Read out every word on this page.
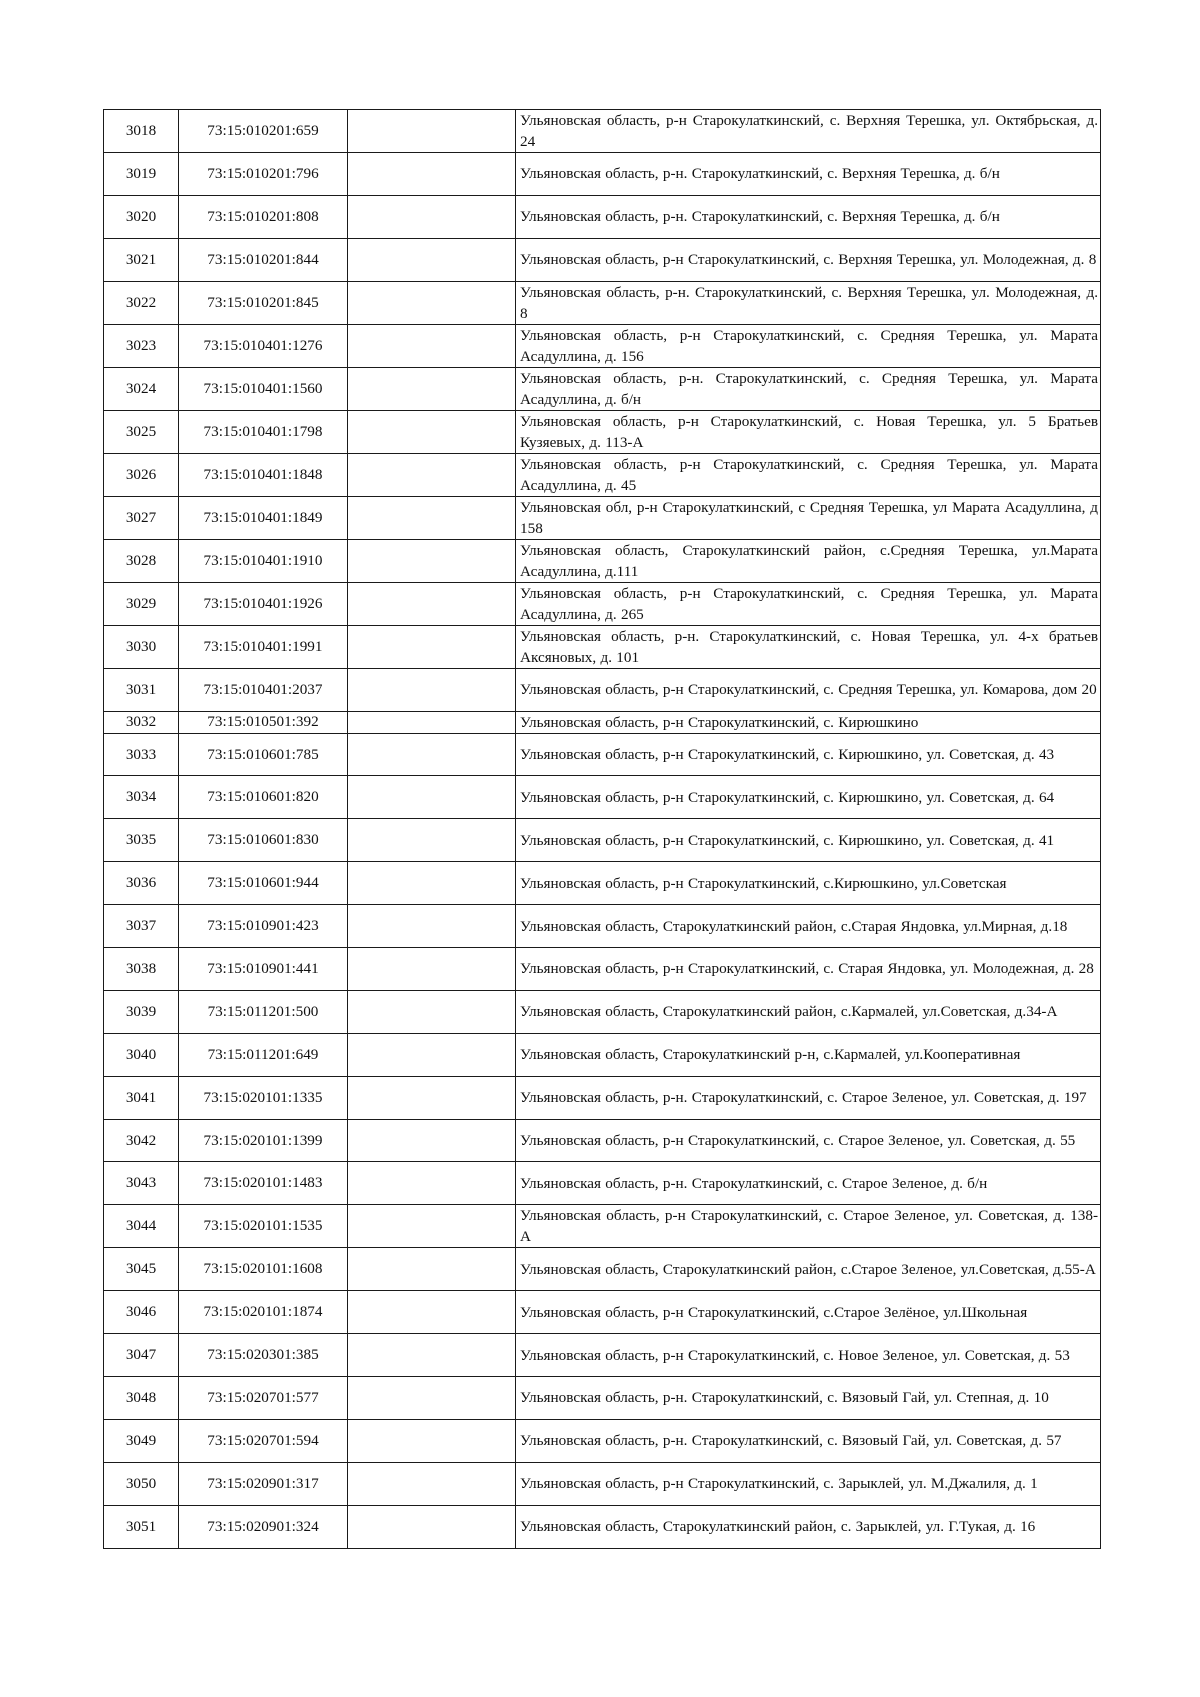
3018	73:15:010201:659		Ульяновская область, р-н Старокулаткинский, с. Верхняя Терешка, ул. Октябрьская, д. 24
3019	73:15:010201:796		Ульяновская область, р-н. Старокулаткинский, с. Верхняя Терешка, д. б/н
3020	73:15:010201:808		Ульяновская область, р-н. Старокулаткинский, с. Верхняя Терешка, д. б/н
3021	73:15:010201:844		Ульяновская область, р-н Старокулаткинский, с. Верхняя Терешка, ул. Молодежная, д. 8
3022	73:15:010201:845		Ульяновская область, р-н. Старокулаткинский, с. Верхняя Терешка, ул. Молодежная, д. 8
3023	73:15:010401:1276		Ульяновская область, р-н Старокулаткинский, с. Средняя Терешка, ул. Марата Асадуллина, д. 156
3024	73:15:010401:1560		Ульяновская область, р-н. Старокулаткинский, с. Средняя Терешка, ул. Марата Асадуллина, д. б/н
3025	73:15:010401:1798		Ульяновская область, р-н Старокулаткинский, с. Новая Терешка, ул. 5 Братьев Кузяевых, д. 113-А
3026	73:15:010401:1848		Ульяновская область, р-н Старокулаткинский, с. Средняя Терешка, ул. Марата Асадуллина, д. 45
3027	73:15:010401:1849		Ульяновская обл, р-н Старокулаткинский, с Средняя Терешка, ул Марата Асадуллина, д 158
3028	73:15:010401:1910		Ульяновская область, Старокулаткинский район, с.Средняя Терешка, ул.Марата Асадуллина, д.111
3029	73:15:010401:1926		Ульяновская область, р-н Старокулаткинский, с. Средняя Терешка, ул. Марата Асадуллина, д. 265
3030	73:15:010401:1991		Ульяновская область, р-н. Старокулаткинский, с. Новая Терешка, ул. 4-х братьев Аксяновых, д. 101
3031	73:15:010401:2037		Ульяновская область, р-н Старокулаткинский, с. Средняя Терешка, ул. Комарова, дом 20
3032	73:15:010501:392		Ульяновская область, р-н Старокулаткинский, с. Кирюшкино
3033	73:15:010601:785		Ульяновская область, р-н Старокулаткинский, с. Кирюшкино, ул. Советская, д. 43
3034	73:15:010601:820		Ульяновская область, р-н Старокулаткинский, с. Кирюшкино, ул. Советская, д. 64
3035	73:15:010601:830		Ульяновская область, р-н Старокулаткинский, с. Кирюшкино, ул. Советская, д. 41
3036	73:15:010601:944		Ульяновская область, р-н Старокулаткинский, с.Кирюшкино, ул.Советская
3037	73:15:010901:423		Ульяновская область, Старокулаткинский район, с.Старая Яндовка, ул.Мирная, д.18
3038	73:15:010901:441		Ульяновская область, р-н Старокулаткинский, с. Старая Яндовка, ул. Молодежная, д. 28
3039	73:15:011201:500		Ульяновская область, Старокулаткинский район, с.Кармалей, ул.Советская, д.34-А
3040	73:15:011201:649		Ульяновская область, Старокулаткинский р-н, с.Кармалей, ул.Кооперативная
3041	73:15:020101:1335		Ульяновская область, р-н. Старокулаткинский, с. Старое Зеленое, ул. Советская, д. 197
3042	73:15:020101:1399		Ульяновская область, р-н Старокулаткинский, с. Старое Зеленое, ул. Советская, д. 55
3043	73:15:020101:1483		Ульяновская область, р-н. Старокулаткинский, с. Старое Зеленое, д. б/н
3044	73:15:020101:1535		Ульяновская область, р-н Старокулаткинский, с. Старое Зеленое, ул. Советская, д. 138-А
3045	73:15:020101:1608		Ульяновская область, Старокулаткинский район, с.Старое Зеленое, ул.Советская, д.55-А
3046	73:15:020101:1874		Ульяновская область, р-н Старокулаткинский, с.Старое Зелёное, ул.Школьная
3047	73:15:020301:385		Ульяновская область, р-н Старокулаткинский, с. Новое Зеленое, ул. Советская, д. 53
3048	73:15:020701:577		Ульяновская область, р-н. Старокулаткинский, с. Вязовый Гай, ул. Степная, д. 10
3049	73:15:020701:594		Ульяновская область, р-н. Старокулаткинский, с. Вязовый Гай, ул. Советская, д. 57
3050	73:15:020901:317		Ульяновская область, р-н Старокулаткинский, с. Зарыклей, ул. М.Джалиля, д. 1
3051	73:15:020901:324		Ульяновская область, Старокулаткинский район, с. Зарыклей, ул. Г.Тукая, д. 16
